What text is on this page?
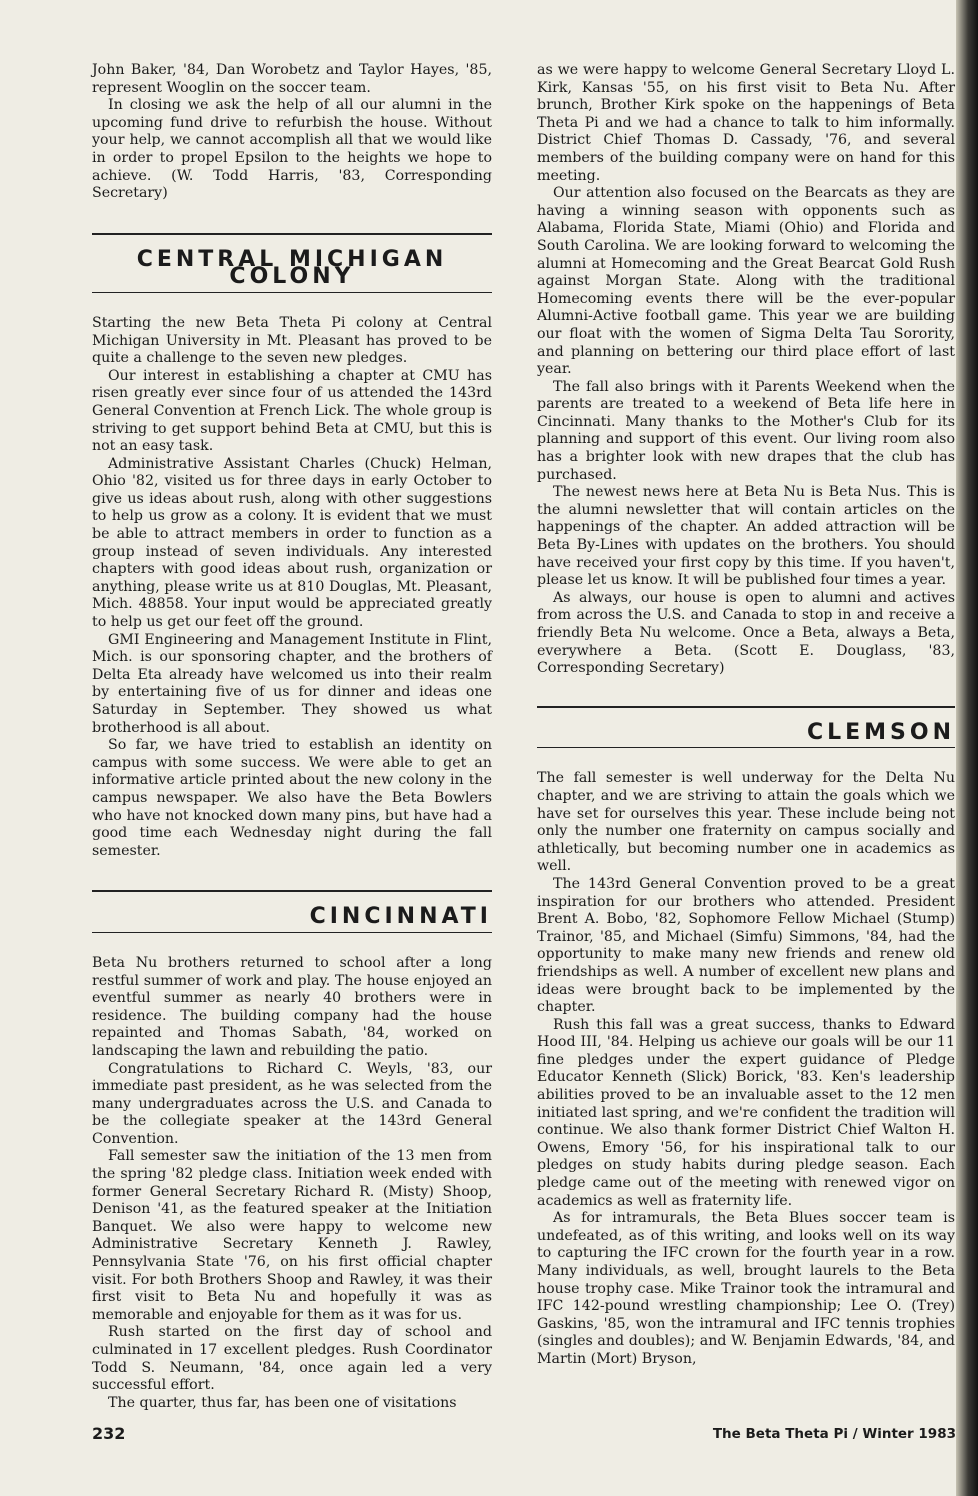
John Baker, '84, Dan Worobetz and Taylor Hayes, '85, represent Wooglin on the soccer team.

In closing we ask the help of all our alumni in the upcoming fund drive to refurbish the house. Without your help, we cannot accomplish all that we would like in order to propel Epsilon to the heights we hope to achieve. (W. Todd Harris, '83, Corresponding Secretary)

CENTRAL MICHIGAN COLONY

Starting the new Beta Theta Pi colony at Central Michigan University in Mt. Pleasant has proved to be quite a challenge to the seven new pledges.

Our interest in establishing a chapter at CMU has risen greatly ever since four of us attended the 143rd General Convention at French Lick. The whole group is striving to get support behind Beta at CMU, but this is not an easy task.

Administrative Assistant Charles (Chuck) Helman, Ohio '82, visited us for three days in early October to give us ideas about rush, along with other suggestions to help us grow as a colony. It is evident that we must be able to attract members in order to function as a group instead of seven individuals. Any interested chapters with good ideas about rush, organization or anything, please write us at 810 Douglas, Mt. Pleasant, Mich. 48858. Your input would be appreciated greatly to help us get our feet off the ground.

GMI Engineering and Management Institute in Flint, Mich. is our sponsoring chapter, and the brothers of Delta Eta already have welcomed us into their realm by entertaining five of us for dinner and ideas one Saturday in September. They showed us what brotherhood is all about.

So far, we have tried to establish an identity on campus with some success. We were able to get an informative article printed about the new colony in the campus newspaper. We also have the Beta Bowlers who have not knocked down many pins, but have had a good time each Wednesday night during the fall semester.

CINCINNATI

Beta Nu brothers returned to school after a long restful summer of work and play. The house enjoyed an eventful summer as nearly 40 brothers were in residence. The building company had the house repainted and Thomas Sabath, '84, worked on landscaping the lawn and rebuilding the patio.

Congratulations to Richard C. Weyls, '83, our immediate past president, as he was selected from the many undergraduates across the U.S. and Canada to be the collegiate speaker at the 143rd General Convention.

Fall semester saw the initiation of the 13 men from the spring '82 pledge class. Initiation week ended with former General Secretary Richard R. (Misty) Shoop, Denison '41, as the featured speaker at the Initiation Banquet. We also were happy to welcome new Administrative Secretary Kenneth J. Rawley, Pennsylvania State '76, on his first official chapter visit. For both Brothers Shoop and Rawley, it was their first visit to Beta Nu and hopefully it was as memorable and enjoyable for them as it was for us.

Rush started on the first day of school and culminated in 17 excellent pledges. Rush Coordinator Todd S. Neumann, '84, once again led a very successful effort.

The quarter, thus far, has been one of visitations

as we were happy to welcome General Secretary Lloyd L. Kirk, Kansas '55, on his first visit to Beta Nu. After brunch, Brother Kirk spoke on the happenings of Beta Theta Pi and we had a chance to talk to him informally. District Chief Thomas D. Cassady, '76, and several members of the building company were on hand for this meeting.

Our attention also focused on the Bearcats as they are having a winning season with opponents such as Alabama, Florida State, Miami (Ohio) and Florida and South Carolina. We are looking forward to welcoming the alumni at Homecoming and the Great Bearcat Gold Rush against Morgan State. Along with the traditional Homecoming events there will be the ever-popular Alumni-Active football game. This year we are building our float with the women of Sigma Delta Tau Sorority, and planning on bettering our third place effort of last year.

The fall also brings with it Parents Weekend when the parents are treated to a weekend of Beta life here in Cincinnati. Many thanks to the Mother's Club for its planning and support of this event. Our living room also has a brighter look with new drapes that the club has purchased.

The newest news here at Beta Nu is Beta Nus. This is the alumni newsletter that will contain articles on the happenings of the chapter. An added attraction will be Beta By-Lines with updates on the brothers. You should have received your first copy by this time. If you haven't, please let us know. It will be published four times a year.

As always, our house is open to alumni and actives from across the U.S. and Canada to stop in and receive a friendly Beta Nu welcome. Once a Beta, always a Beta, everywhere a Beta. (Scott E. Douglass, '83, Corresponding Secretary)

CLEMSON

The fall semester is well underway for the Delta Nu chapter, and we are striving to attain the goals which we have set for ourselves this year. These include being not only the number one fraternity on campus socially and athletically, but becoming number one in academics as well.

The 143rd General Convention proved to be a great inspiration for our brothers who attended. President Brent A. Bobo, '82, Sophomore Fellow Michael (Stump) Trainor, '85, and Michael (Simfu) Simmons, '84, had the opportunity to make many new friends and renew old friendships as well. A number of excellent new plans and ideas were brought back to be implemented by the chapter.

Rush this fall was a great success, thanks to Edward Hood III, '84. Helping us achieve our goals will be our 11 fine pledges under the expert guidance of Pledge Educator Kenneth (Slick) Borick, '83. Ken's leadership abilities proved to be an invaluable asset to the 12 men initiated last spring, and we're confident the tradition will continue. We also thank former District Chief Walton H. Owens, Emory '56, for his inspirational talk to our pledges on study habits during pledge season. Each pledge came out of the meeting with renewed vigor on academics as well as fraternity life.

As for intramurals, the Beta Blues soccer team is undefeated, as of this writing, and looks well on its way to capturing the IFC crown for the fourth year in a row. Many individuals, as well, brought laurels to the Beta house trophy case. Mike Trainor took the intramural and IFC 142-pound wrestling championship; Lee O. (Trey) Gaskins, '85, won the intramural and IFC tennis trophies (singles and doubles); and W. Benjamin Edwards, '84, and Martin (Mort) Bryson,

232	The Beta Theta Pi / Winter 1983
